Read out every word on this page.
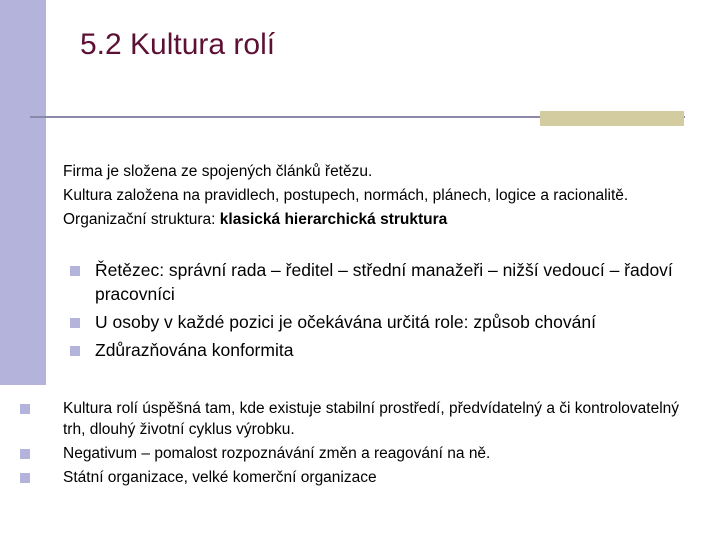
5.2 Kultura rolí
Firma je složena ze spojených článků řetězu.
Kultura založena na pravidlech, postupech, normách, plánech, logice a racionalitě.
Organizační struktura: klasická hierarchická struktura
Řetězec: správní rada – ředitel – střední manažeři – nižší vedoucí – řadoví pracovníci
U osoby v každé pozici je očekávána určitá role: způsob chování
Zdůrazňována konformita
Kultura rolí úspěšná tam, kde existuje stabilní prostředí, předvídatelný a či kontrolovatelný trh, dlouhý životní cyklus výrobku.
Negativum – pomalost rozpoznávání změn a reagování na ně.
Státní organizace, velké komerční organizace
